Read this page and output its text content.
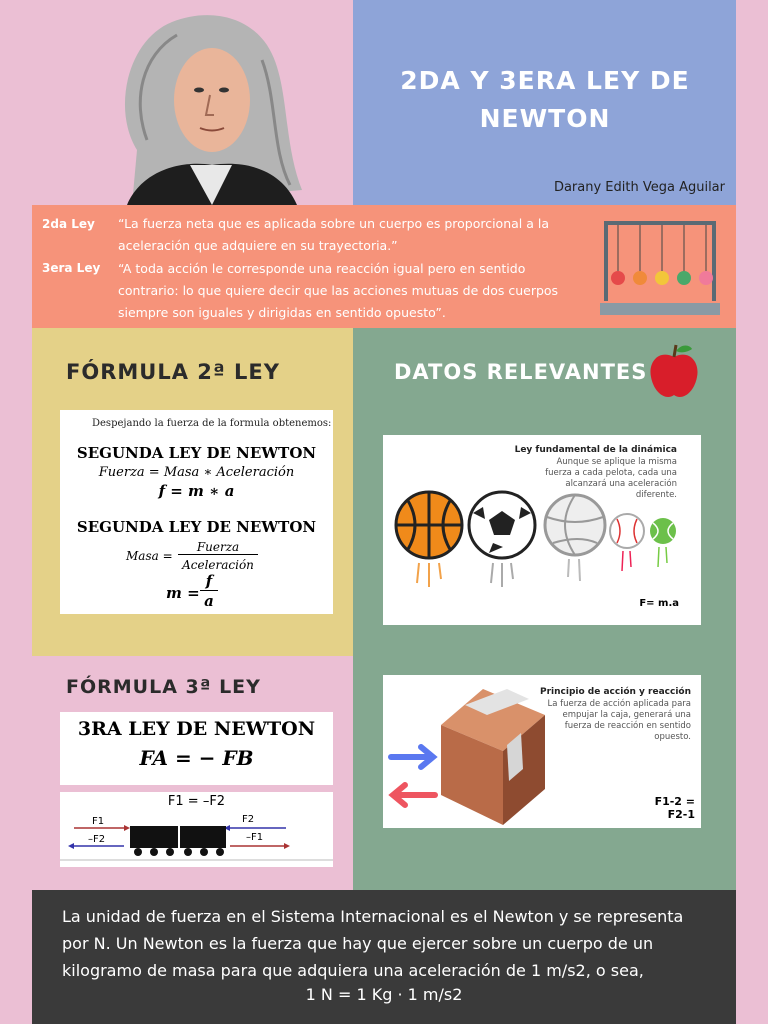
2DA Y 3ERA LEY DE
NEWTON
Darany Edith Vega Aguilar
2da Ley “La fuerza neta que es aplicada sobre un cuerpo es proporcional a la aceleración que adquiere en su trayectoria.”
3era Ley “A toda acción le corresponde una reacción igual pero en sentido contrario: lo que quiere decir que las acciones mutuas de dos cuerpos siempre son iguales y dirigidas en sentido opuesto”.
FÓRMULA 2ª LEY
Despejando la fuerza de la formula obtenemos:
SEGUNDA LEY DE NEWTON
Fuerza = Masa ∗ Aceleración
f = m ∗ a
SEGUNDA LEY DE NEWTON
Masa =
Fuerza
Aceleración
m =
f
a
DATOS RELEVANTES
Ley fundamental de la dinámica
Aunque se aplique la misma fuerza a cada pelota, cada una alcanzará una aceleración diferente.
F= m.a
Principio de acción y reacción
La fuerza de acción aplicada para empujar la caja, generará una fuerza de reacción en sentido opuesto.
F1-2 = F2-1
FÓRMULA 3ª LEY
3RA LEY DE NEWTON
FA = − FB
F1 = –F2
F1
–F2
F2
–F1
La unidad de fuerza en el Sistema Internacional es el Newton y se representa por N. Un Newton es la fuerza que hay que ejercer sobre un cuerpo de un kilogramo de masa para que adquiera una aceleración de 1 m/s2, o sea,
1 N = 1 Kg · 1 m/s2
